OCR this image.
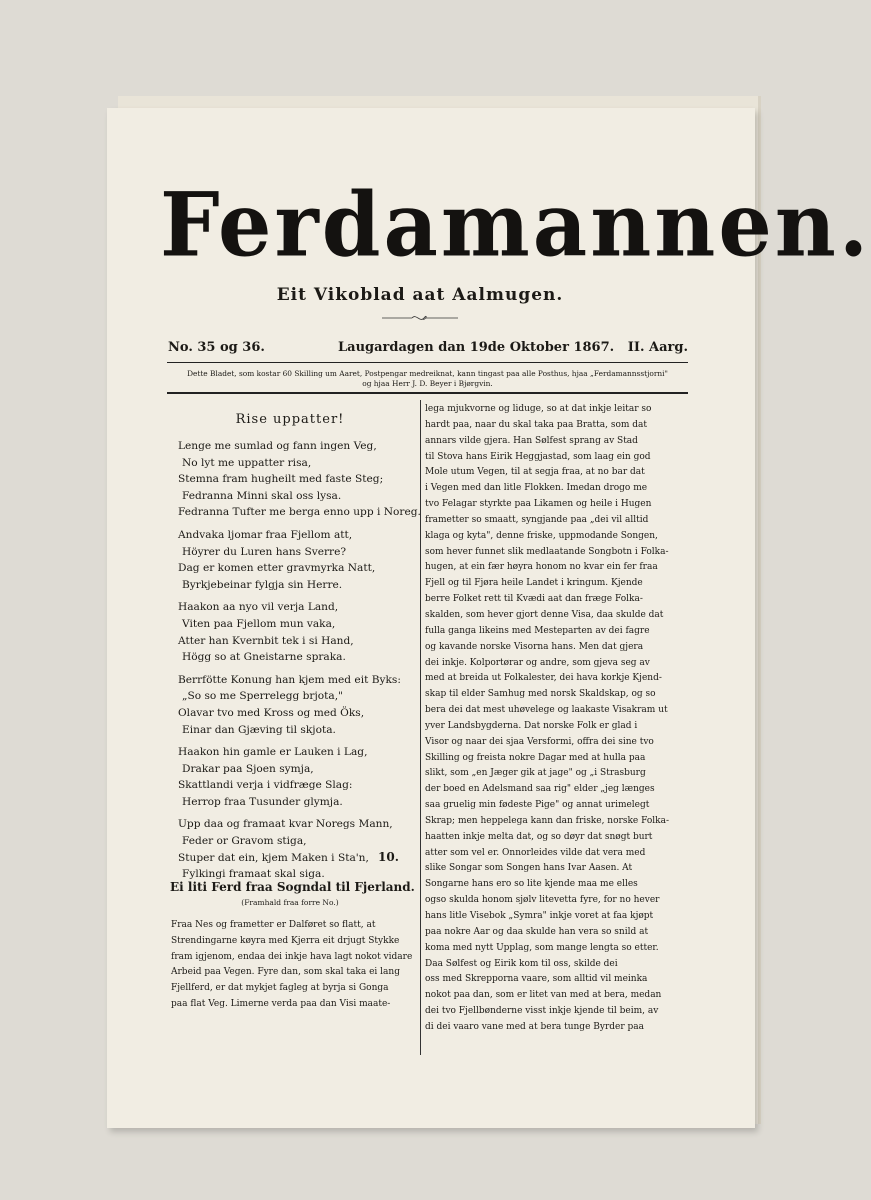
Ferdamannen.
Eit Vikoblad aat Aalmugen.
No. 35 og 36.	Laugardagen dan 19de Oktober 1867. II. Aarg.
Dette Bladet, som kostar 60 Skilling um Aaret, Postpengar medreiknat, kann tingast paa alle Posthus, hjaa „Ferdamannsstjorni"
og hjaa Herr J. D. Beyer i Bjørgvin.
Rise uppatter!
Lenge me sumlad og fann ingen Veg,
No lyt me uppatter risa,
Stemna fram hugheilt med faste Steg;
Fedranna Minni skal oss lysa.
Fedranna Tufter me berga enno upp i Noreg.
Andvaka ljomar fraa Fjellom att,
Höyrer du Luren hans Sverre?
Dag er komen etter gravmyrka Natt,
Byrkjebeinar fylgja sin Herre.
Haakon aa nyo vil verja Land,
Viten paa Fjellom mun vaka,
Atter han Kvernbit tek i si Hand,
Högg so at Gneistarne spraka.
Berrfötte Konung han kjem med eit Byks:
„So so me Sperrelegg brjota,"
Olavar tvo med Kross og med Öks,
Einar dan Gjæving til skjota.
Haakon hin gamle er Lauken i Lag,
Drakar paa Sjoen symja,
Skattlandi verja i vidfræge Slag:
Herrop fraa Tusunder glymja.
Upp daa og framaat kvar Noregs Mann,
Feder or Gravom stiga,
Stuper dat ein, kjem Maken i Sta'n,
Fylkingi framaat skal siga.
10.
Ei liti Ferd fraa Sogndal til Fjerland.
(Framhald fraa forre No.)
Fraa Nes og frametter er Dalføret so flatt, at
Strendingarne køyra med Kjerra eit drjugt Stykke
fram igjenom, endaa dei inkje hava lagt nokot vidare
Arbeid paa Vegen. Fyre dan, som skal taka ei lang
Fjellferd, er dat mykjet fagleg at byrja si Gonga
paa flat Veg. Limerne verda paa dan Visi maate-
lega mjukvorne og liduge, so at dat inkje leitar so
hardt paa, naar du skal taka paa Bratta, som dat
annars vilde gjera. Han Sølfest sprang av Stad
til Stova hans Eirik Heggjastad, som laag ein god
Mole utum Vegen, til at segja fraa, at no bar dat
i Vegen med dan litle Flokken. Imedan drogo me
tvo Felagar styrkte paa Likamen og heile i Hugen
frametter so smaatt, syngjande paa „dei vil alltid
klaga og kyta", denne friske, uppmodande Songen,
som hever funnet slik medlaatande Songbotn i Folka-
hugen, at ein fær høyra honom no kvar ein fer fraa
Fjell og til Fjøra heile Landet i kringum. Kjende
berre Folket rett til Kvædi aat dan fræge Folka-
skalden, som hever gjort denne Visa, daa skulde dat
fulla ganga likeins med Mesteparten av dei fagre
og kavande norske Visorna hans. Men dat gjera
dei inkje. Kolportørar og andre, som gjeva seg av
med at breida ut Folkalester, dei hava korkje Kjend-
skap til elder Samhug med norsk Skaldskap, og so
bera dei dat mest uhøvelege og laakaste Visakram ut
yver Landsbygderna. Dat norske Folk er glad i
Visor og naar dei sjaa Versformi, offra dei sine tvo
Skilling og freista nokre Dagar med at hulla paa
slikt, som „en Jæger gik at jage" og „i Strasburg
der boed en Adelsmand saa rig" elder „jeg længes
saa gruelig min fødeste Pige" og annat urimelegt
Skrap; men heppelega kann dan friske, norske Folka-
haatten inkje melta dat, og so døyr dat snøgt burt
atter som vel er. Onnorleides vilde dat vera med
slike Songar som Songen hans Ivar Aasen. At
Songarne hans ero so lite kjende maa me elles
ogso skulda honom sjølv litevetta fyre, for no hever
hans litle Visebok „Symra" inkje voret at faa kjøpt
paa nokre Aar og daa skulde han vera so snild at
koma med nytt Upplag, som mange lengta so etter.
Daa Sølfest og Eirik kom til oss, skilde dei
oss med Skrepporna vaare, som alltid vil meinka
nokot paa dan, som er litet van med at bera, medan
dei tvo Fjellbønderne visst inkje kjende til beim, av
di dei vaaro vane med at bera tunge Byrder paa
